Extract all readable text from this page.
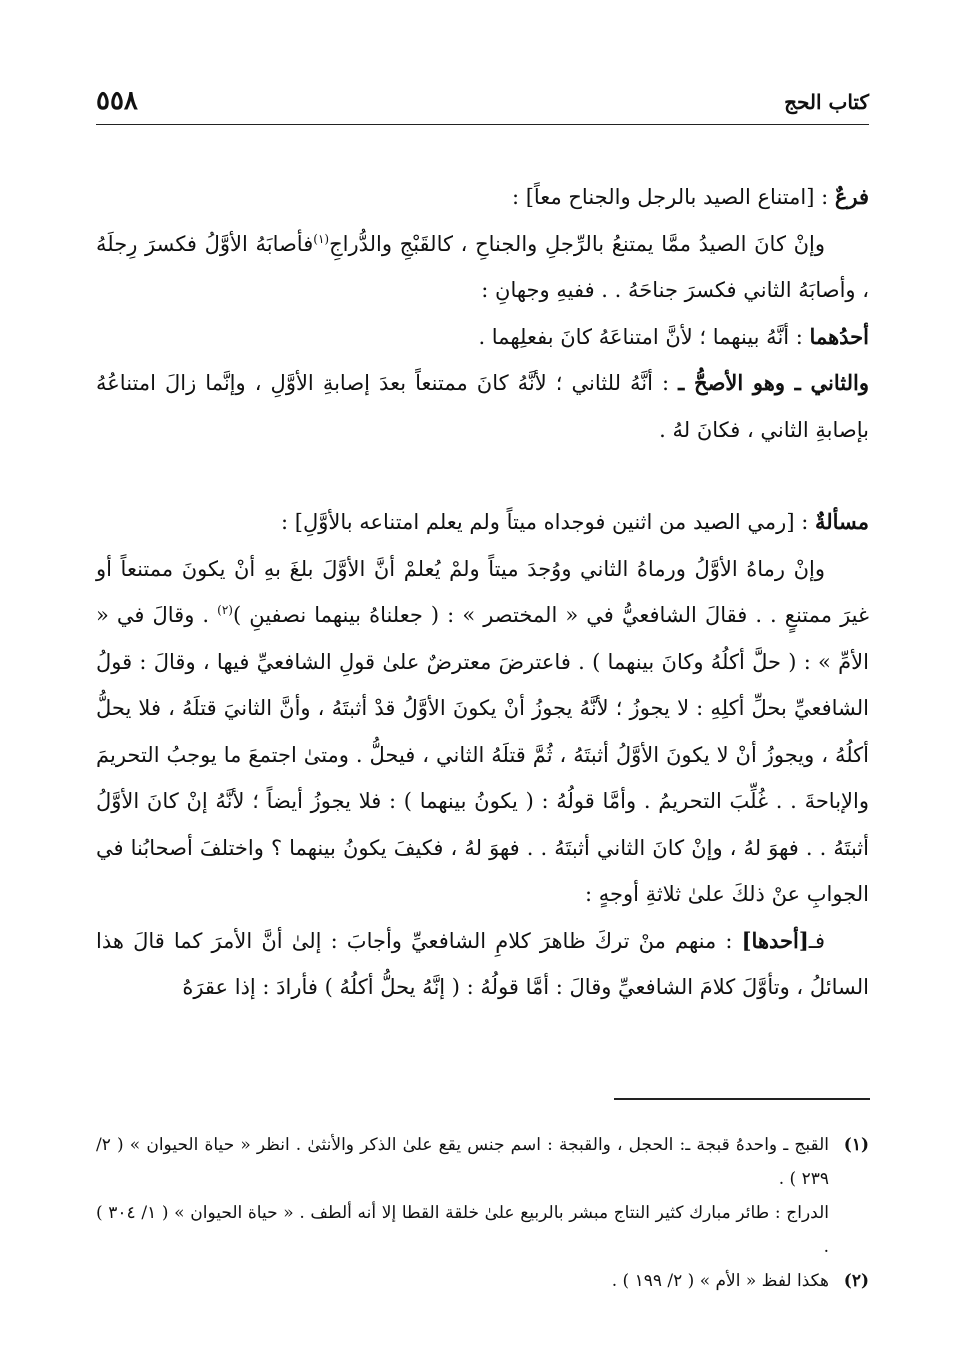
كتاب الحج
٥٥٨

فرعٌ : [امتناع الصيد بالرجل والجناح معاً] :

وإنْ كانَ الصيدُ ممَّا يمتنعُ بالرِّجلِ والجناحِ ، كالقَبْجِ والدُّراجِ$^{(١)}$فأصابَهُ الأوَّلُ فكسرَ رِجلَهُ ، وأصابَهُ الثاني فكسرَ جناحَهُ . . ففيهِ وجهانِ :

أحدُهما : أنَّهُ بينهما ؛ لأنَّ امتناعَهُ كانَ بفعلِهما .

والثاني ـ وهو الأصحُّ ـ : أنَّهُ للثاني ؛ لأنَّهُ كانَ ممتنعاً بعدَ إصابةِ الأوَّلِ ، وإنَّما زالَ امتناعُهُ بإصابةِ الثاني ، فكانَ لهُ .

مسألةٌ : [رمي الصيد من اثنين فوجداه ميتاً ولم يعلم امتناعه بالأوَّلِ] :

وإنْ رماهُ الأوَّلُ ورماهُ الثاني ووُجدَ ميتاً ولمْ يُعلمْ أنَّ الأوَّلَ بلغَ بهِ أنْ يكونَ ممتنعاً أو غيرَ ممتنعٍ . . فقالَ الشافعيُّ في « المختصر » : ( جعلناهُ بينهما نصفينِ )$^{(٢)}$ . وقالَ في « الأمِّ » : ( حلَّ أكلُهُ وكانَ بينهما ) . فاعترضَ معترضٌ علىٰ قولِ الشافعيِّ فيها ، وقالَ : قولُ الشافعيِّ بحلِّ أكلِهِ : لا يجوزُ ؛ لأنَّهُ يجوزُ أنْ يكونَ الأوَّلُ قدْ أثبتَهُ ، وأنَّ الثانيَ قتلَهُ ، فلا يحلُّ أكلُهُ ، ويجوزُ أنْ لا يكونَ الأوَّلُ أثبتَهُ ، ثُمَّ قتلَهُ الثاني ، فيحلُّ . ومتىٰ اجتمعَ ما يوجبُ التحريمَ والإباحةَ . . غُلِّبَ التحريمُ . وأمَّا قولُهُ : ( يكونُ بينهما ) : فلا يجوزُ أيضاً ؛ لأنَّهُ إنْ كانَ الأوَّلُ أثبتَهُ . . فهوَ لهُ ، وإنْ كانَ الثاني أثبتَهُ . . فهوَ لهُ ، فكيفَ يكونُ بينهما ؟ واختلفَ أصحابُنا في الجوابِ عنْ ذلكَ علىٰ ثلاثةِ أوجهٍ :

فـ[أحدها] : منهم منْ تركَ ظاهرَ كلامِ الشافعيِّ وأجابَ : إلىٰ أنَّ الأمرَ كما قالَ هذا السائلُ ، وتأوَّلَ كلامَ الشافعيِّ وقالَ : أمَّا قولُهُ : ( إنَّهُ يحلُّ أكلُهُ ) فأرادَ : إذا عقرَهُ

(١)
القبج ـ واحدهُ قبجة ـ: الحجل ، والقبجة : اسم جنس يقع علىٰ الذكر والأنثىٰ . انظر « حياة الحيوان » ( ٢/ ٢٣٩ ) .

الدراج : طائر مبارك كثير النتاج مبشر بالربيع علىٰ خلقة القطا إلا أنه ألطف . « حياة الحيوان » ( ١/ ٣٠٤ ) .

(٢)
هكذا لفظ « الأم » ( ٢/ ١٩٩ ) .
